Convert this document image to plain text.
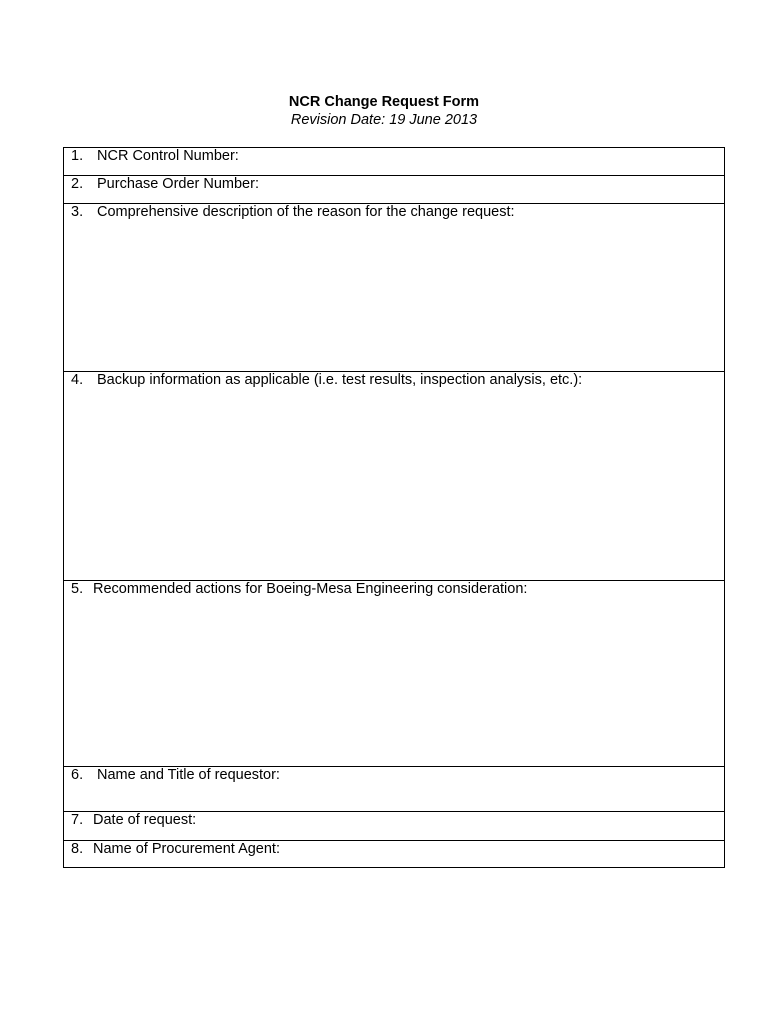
NCR Change Request Form
Revision Date: 19 June 2013
1. NCR Control Number:
2. Purchase Order Number:
3. Comprehensive description of the reason for the change request:
4. Backup information as applicable (i.e. test results, inspection analysis, etc.):
5. Recommended actions for Boeing-Mesa Engineering consideration:
6. Name and Title of requestor:
7. Date of request:
8. Name of Procurement Agent:
